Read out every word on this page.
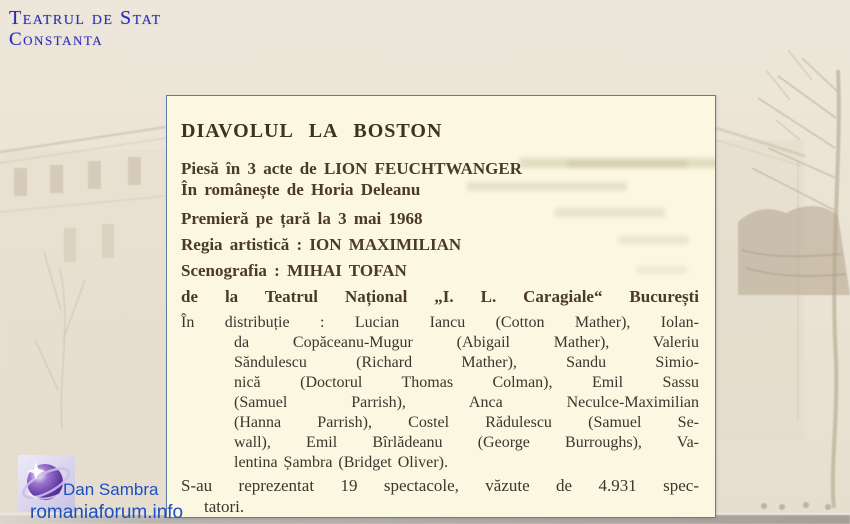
Teatrul de Stat
Constanta
DIAVOLUL LA BOSTON
Piesă în 3 acte de LION FEUCHTWANGER
În românește de Horia Deleanu
Premieră pe țară la 3 mai 1968
Regia artistică : ION MAXIMILIAN
Scenografia : MIHAI TOFAN
de la Teatrul Național „I. L. Caragiale“ București
În distribuție : Lucian Iancu (Cotton Mather), Iolan-
da Copăceanu-Mugur (Abigail Mather), Valeriu
Săndulescu (Richard Mather), Sandu Simio-
nică (Doctorul Thomas Colman), Emil Sassu
(Samuel Parrish), Anca Neculce-Maximilian
(Hanna Parrish), Costel Rădulescu (Samuel Se-
wall), Emil Bîrlădeanu (George Burroughs), Va-
lentina Șambra (Bridget Oliver).
S-au reprezentat 19 spectacole, văzute de 4.931 spec-
tatori.
Dan Sambra
romaniaforum.info
